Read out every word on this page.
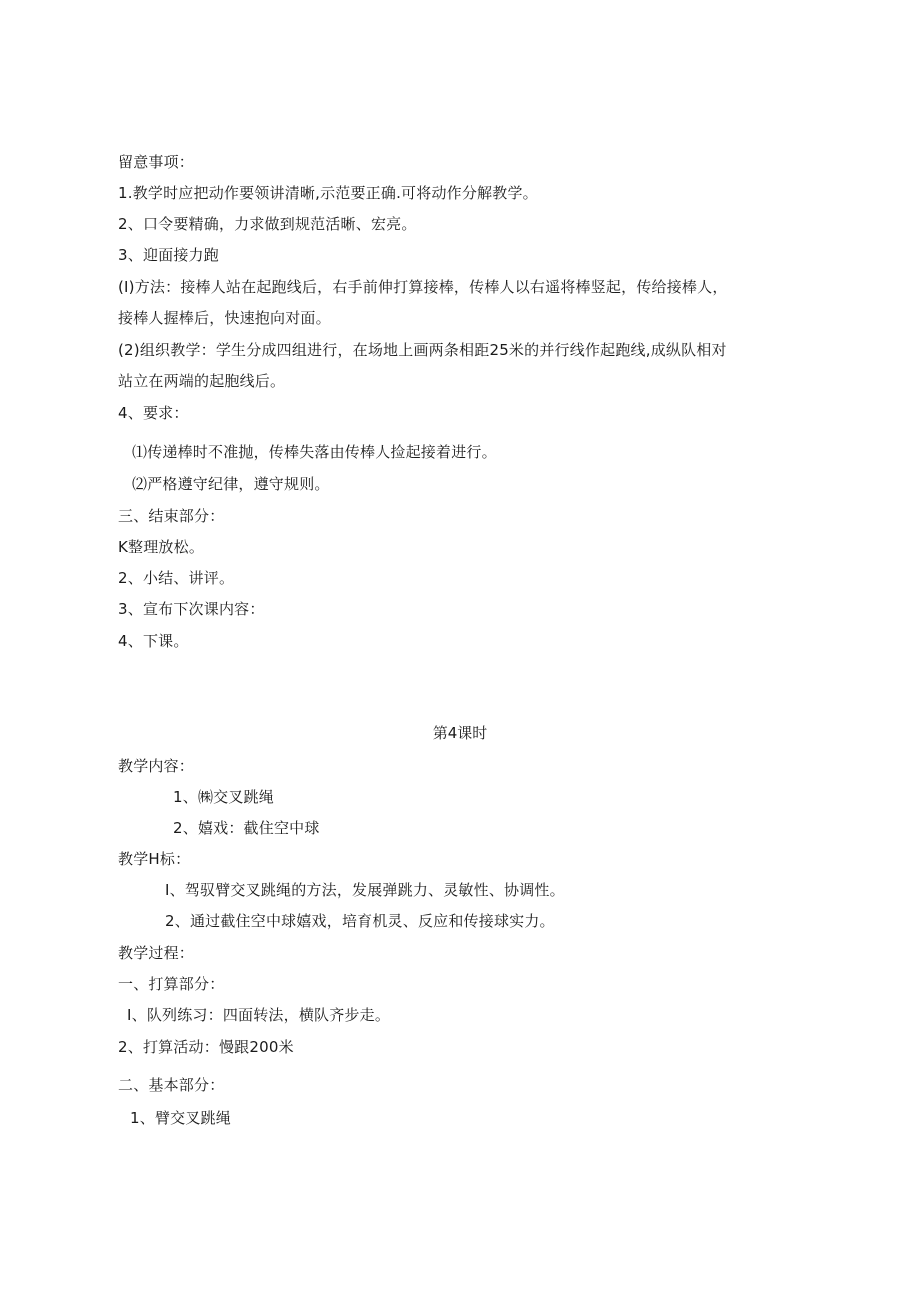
留意事项：
1.教学时应把动作要领讲清晰,示范要正确.可将动作分解教学。
2、口令要精确，力求做到规范活晰、宏亮。
3、迎面接力跑
(I)方法：接棒人站在起跑线后，右手前伸打算接棒，传棒人以右遥将棒竖起，传给接棒人，
接棒人握棒后，快速抱向对面。
(2)组织教学：学生分成四组进行，在场地上画两条相距25米的并行线作起跑线,成纵队相对
站立在两端的起胞线后。
4、要求：
⑴传递棒时不准抛，传棒失落由传棒人捡起接着进行。
⑵严格遵守纪律，遵守规则。
三、结束部分：
K整理放松。
2、小结、讲评。
3、宣布下次课内容：
4、下课。
第4课时
教学内容：
1、㈱交叉跳绳
2、嬉戏：截住空中球
教学H标：
I、驾驭臂交叉跳绳的方法，发展弹跳力、灵敏性、协调性。
2、通过截住空中球嬉戏，培育机灵、反应和传接球实力。
教学过程：
一、打算部分：
I、队列练习：四面转法，横队齐步走。
2、打算活动：慢跟200米
二、基本部分：
1、臂交叉跳绳
